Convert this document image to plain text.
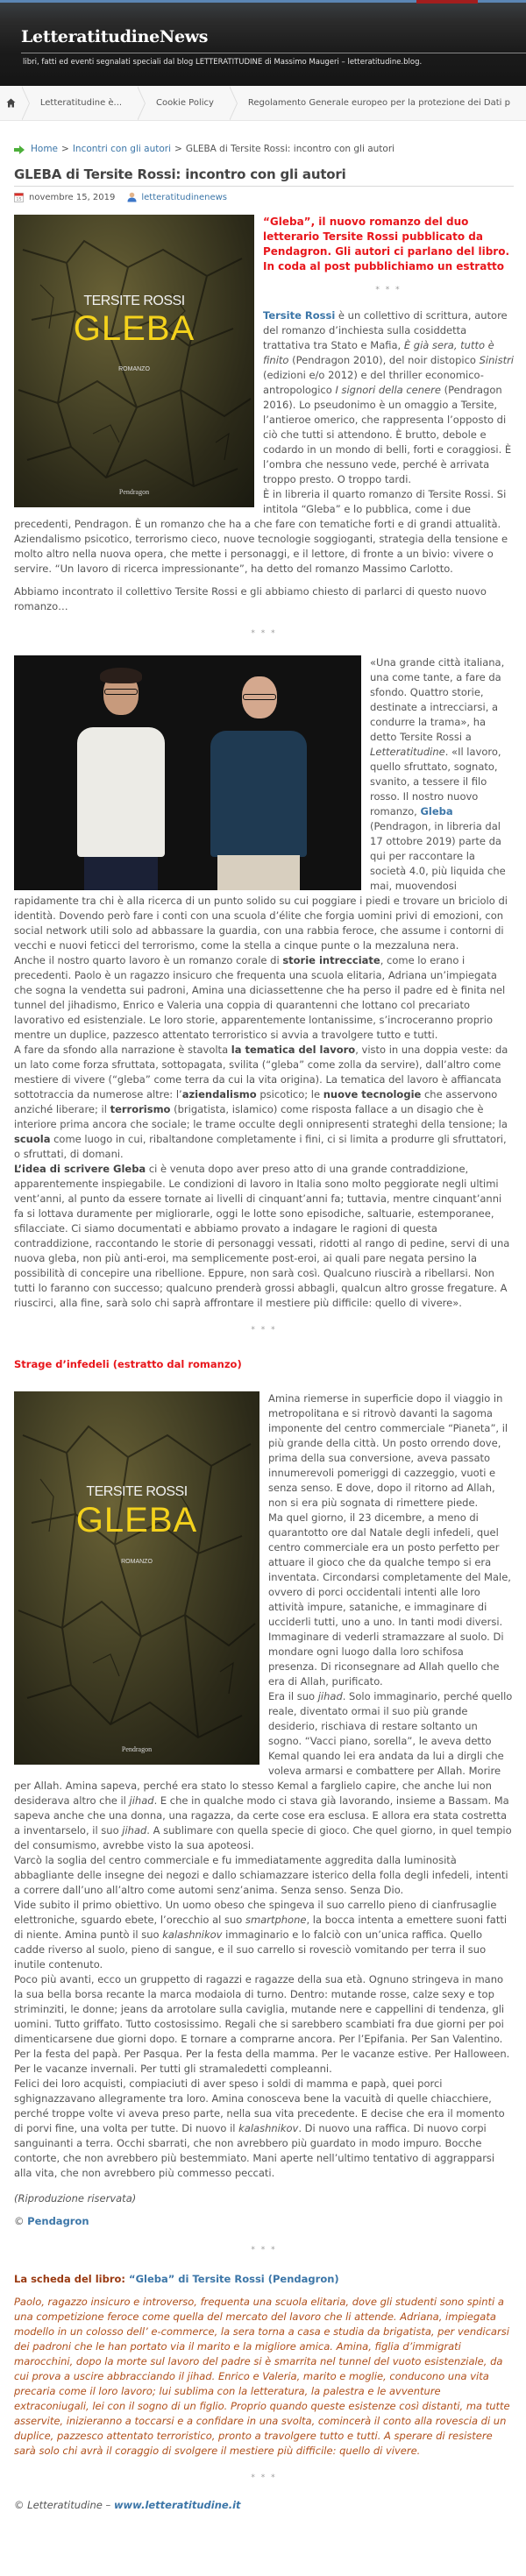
LetteratitudineNews
libri, fatti ed eventi segnalati speciali dal blog LETTERATITUDINE di Massimo Maugeri – letteratitudine.blog.
Letteratitudine è...	Cookie Policy	Regolamento Generale europeo per la protezione dei Dati p
Home > Incontri con gli autori > GLEBA di Tersite Rossi: incontro con gli autori
GLEBA di Tersite Rossi: incontro con gli autori
15 novembre 15, 2019	letteratitudinenews
TERSITE ROSSI
GLEBA
ROMANZO
Pendragon
“Gleba”, il nuovo romanzo del duo letterario Tersite Rossi pubblicato da Pendagron. Gli autori ci parlano del libro. In coda al post pubblichiamo un estratto
* * *
Tersite Rossi è un collettivo di scrittura, autore del romanzo d’inchiesta sulla cosiddetta trattativa tra Stato e Mafia, È già sera, tutto è finito (Pendragon 2010), del noir distopico Sinistri (edizioni e/o 2012) e del thriller economico-antropologico I signori della cenere (Pendragon 2016). Lo pseudonimo è un omaggio a Tersite, l’antieroe omerico, che rappresenta l’opposto di ciò che tutti si attendono. È brutto, debole e codardo in un mondo di belli, forti e coraggiosi. È l’ombra che nessuno vede, perché è arrivata troppo presto. O troppo tardi.
È in libreria il quarto romanzo di Tersite Rossi. Si intitola “Gleba” e lo pubblica, come i due precedenti, Pendragon. È un romanzo che ha a che fare con tematiche forti e di grandi attualità. Aziendalismo psicotico, terrorismo cieco, nuove tecnologie soggioganti, strategia della tensione e molto altro nella nuova opera, che mette i personaggi, e il lettore, di fronte a un bivio: vivere o servire. “Un lavoro di ricerca impressionante”, ha detto del romanzo Massimo Carlotto.
Abbiamo incontrato il collettivo Tersite Rossi e gli abbiamo chiesto di parlarci di questo nuovo romanzo…
* * *
«Una grande città italiana, una come tante, a fare da sfondo. Quattro storie, destinate a intrecciarsi, a condurre la trama», ha detto Tersite Rossi a Letteratitudine. «Il lavoro, quello sfruttato, sognato, svanito, a tessere il filo rosso. Il nostro nuovo romanzo, Gleba (Pendragon, in libreria dal 17 ottobre 2019) parte da qui per raccontare la società 4.0, più liquida che mai, muovendosi rapidamente tra chi è alla ricerca di un punto solido su cui poggiare i piedi e trovare un briciolo di identità. Dovendo però fare i conti con una scuola d’élite che forgia uomini privi di emozioni, con social network utili solo ad abbassare la guardia, con una rabbia feroce, che assume i contorni di vecchi e nuovi feticci del terrorismo, come la stella a cinque punte o la mezzaluna nera.
Anche il nostro quarto lavoro è un romanzo corale di storie intrecciate, come lo erano i precedenti. Paolo è un ragazzo insicuro che frequenta una scuola elitaria, Adriana un’impiegata che sogna la vendetta sui padroni, Amina una diciassettenne che ha perso il padre ed è finita nel tunnel del jihadismo, Enrico e Valeria una coppia di quarantenni che lottano col precariato lavorativo ed esistenziale. Le loro storie, apparentemente lontanissime, s’incroceranno proprio mentre un duplice, pazzesco attentato terroristico si avvia a travolgere tutto e tutti.
A fare da sfondo alla narrazione è stavolta la tematica del lavoro, visto in una doppia veste: da un lato come forza sfruttata, sottopagata, svilita (“gleba” come zolla da servire), dall’altro come mestiere di vivere (“gleba” come terra da cui la vita origina). La tematica del lavoro è affiancata sottotraccia da numerose altre: l’aziendalismo psicotico; le nuove tecnologie che asservono anziché liberare; il terrorismo (brigatista, islamico) come risposta fallace a un disagio che è interiore prima ancora che sociale; le trame occulte degli onnipresenti strateghi della tensione; la scuola come luogo in cui, ribaltandone completamente i fini, ci si limita a produrre gli sfruttatori, o sfruttati, di domani.
L’idea di scrivere Gleba ci è venuta dopo aver preso atto di una grande contraddizione, apparentemente inspiegabile. Le condizioni di lavoro in Italia sono molto peggiorate negli ultimi vent’anni, al punto da essere tornate ai livelli di cinquant’anni fa; tuttavia, mentre cinquant’anni fa si lottava duramente per migliorarle, oggi le lotte sono episodiche, saltuarie, estemporanee, sfilacciate. Ci siamo documentati e abbiamo provato a indagare le ragioni di questa contraddizione, raccontando le storie di personaggi vessati, ridotti al rango di pedine, servi di una nuova gleba, non più anti-eroi, ma semplicemente post-eroi, ai quali pare negata persino la possibilità di concepire una ribellione. Eppure, non sarà così. Qualcuno riuscirà a ribellarsi. Non tutti lo faranno con successo; qualcuno prenderà grossi abbagli, qualcun altro grosse fregature. A riuscirci, alla fine, sarà solo chi saprà affrontare il mestiere più difficile: quello di vivere».
* * *
Strage d’infedeli (estratto dal romanzo)
TERSITE ROSSI
GLEBA
ROMANZO
Pendragon
Amina riemerse in superficie dopo il viaggio in metropolitana e si ritrovò davanti la sagoma imponente del centro commerciale “Pianeta”, il più grande della città. Un posto orrendo dove, prima della sua conversione, aveva passato innumerevoli pomeriggi di cazzeggio, vuoti e senza senso. E dove, dopo il ritorno ad Allah, non si era più sognata di rimettere piede.
Ma quel giorno, il 23 dicembre, a meno di quarantotto ore dal Natale degli infedeli, quel centro commerciale era un posto perfetto per attuare il gioco che da qualche tempo si era inventata. Circondarsi completamente del Male, ovvero di porci occidentali intenti alle loro attività impure, sataniche, e immaginare di ucciderli tutti, uno a uno. In tanti modi diversi. Immaginare di vederli stramazzare al suolo. Di mondare ogni luogo dalla loro schifosa presenza. Di riconsegnare ad Allah quello che era di Allah, purificato.
Era il suo jihad. Solo immaginario, perché quello reale, diventato ormai il suo più grande desiderio, rischiava di restare soltanto un sogno. “Vacci piano, sorella”, le aveva detto Kemal quando lei era andata da lui a dirgli che voleva armarsi e combattere per Allah. Morire per Allah. Amina sapeva, perché era stato lo stesso Kemal a farglielo capire, che anche lui non desiderava altro che il jihad. E che in qualche modo ci stava già lavorando, insieme a Bassam. Ma sapeva anche che una donna, una ragazza, da certe cose era esclusa. E allora era stata costretta a inventarselo, il suo jihad. A sublimare con quella specie di gioco. Che quel giorno, in quel tempio del consumismo, avrebbe visto la sua apoteosi.
Varcò la soglia del centro commerciale e fu immediatamente aggredita dalla luminosità abbagliante delle insegne dei negozi e dallo schiamazzare isterico della folla degli infedeli, intenti a correre dall’uno all’altro come automi senz’anima. Senza senso. Senza Dio.
Vide subito il primo obiettivo. Un uomo obeso che spingeva il suo carrello pieno di cianfrusaglie elettroniche, sguardo ebete, l’orecchio al suo smartphone, la bocca intenta a emettere suoni fatti di niente. Amina puntò il suo kalashnikov immaginario e lo falciò con un’unica raffica. Quello cadde riverso al suolo, pieno di sangue, e il suo carrello si rovesciò vomitando per terra il suo inutile contenuto.
Poco più avanti, ecco un gruppetto di ragazzi e ragazze della sua età. Ognuno stringeva in mano la sua bella borsa recante la marca modaiola di turno. Dentro: mutande rosse, calze sexy e top striminziti, le donne; jeans da arrotolare sulla caviglia, mutande nere e cappellini di tendenza, gli uomini. Tutto griffato. Tutto costosissimo. Regali che si sarebbero scambiati fra due giorni per poi dimenticarsene due giorni dopo. E tornare a comprarne ancora. Per l’Epifania. Per San Valentino. Per la festa del papà. Per Pasqua. Per la festa della mamma. Per le vacanze estive. Per Halloween. Per le vacanze invernali. Per tutti gli stramaledetti compleanni.
Felici dei loro acquisti, compiaciuti di aver speso i soldi di mamma e papà, quei porci sghignazzavano allegramente tra loro. Amina conosceva bene la vacuità di quelle chiacchiere, perché troppe volte vi aveva preso parte, nella sua vita precedente. E decise che era il momento di porvi fine, una volta per tutte. Di nuovo il kalashnikov. Di nuovo una raffica. Di nuovo corpi sanguinanti a terra. Occhi sbarrati, che non avrebbero più guardato in modo impuro. Bocche contorte, che non avrebbero più bestemmiato. Mani aperte nell’ultimo tentativo di aggrapparsi alla vita, che non avrebbero più commesso peccati.
(Riproduzione riservata)
© Pendagron
* * *
La scheda del libro: “Gleba” di Tersite Rossi (Pendagron)
Paolo, ragazzo insicuro e introverso, frequenta una scuola elitaria, dove gli studenti sono spinti a una competizione feroce come quella del mercato del lavoro che li attende. Adriana, impiegata modello in un colosso dell’ e-commerce, la sera torna a casa e studia da brigatista, per vendicarsi dei padroni che le han portato via il marito e la migliore amica. Amina, figlia d’immigrati marocchini, dopo la morte sul lavoro del padre si è smarrita nel tunnel del vuoto esistenziale, da cui prova a uscire abbracciando il jihad. Enrico e Valeria, marito e moglie, conducono una vita precaria come il loro lavoro; lui sublima con la letteratura, la palestra e le avventure extraconiugali, lei con il sogno di un figlio. Proprio quando queste esistenze così distanti, ma tutte asservite, inizieranno a toccarsi e a confidare in una svolta, comincerà il conto alla rovescia di un duplice, pazzesco attentato terroristico, pronto a travolgere tutto e tutti. A sperare di resistere sarà solo chi avrà il coraggio di svolgere il mestiere più difficile: quello di vivere.
* * *
© Letteratitudine – www.letteratitudine.it
